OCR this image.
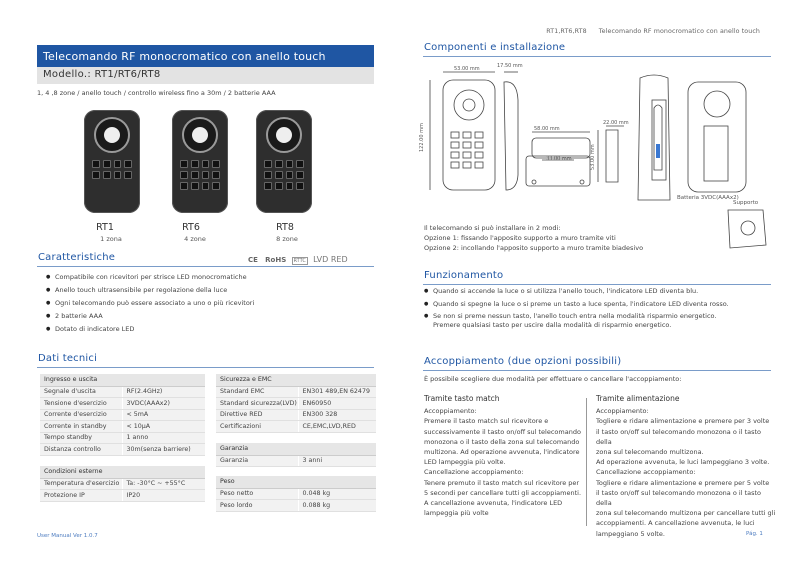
RT1,RT6,RT8 Telecomando RF monocromatico con anello touch
Telecomando RF monocromatico con anello touch
Modello.: RT1/RT6/RT8
1, 4 ,8 zone / anello touch / controllo wireless fino a 30m / 2 batterie AAA
RT1
1 zona
RT6
4 zone
RT8
8 zone
Caratteristiche	CE RoHS RTTC LVD RED
● Compatibile con ricevitori per strisce LED monocromatiche
● Anello touch ultrasensibile per regolazione della luce
● Ogni telecomando può essere associato a uno o più ricevitori
● 2 batterie AAA
● Dotato di indicatore LED
Dati tecnici
Ingresso e uscita	
Segnale d'uscita	RF(2.4GHz)
Tensione d'esercizio	3VDC(AAAx2)
Corrente d'esercizio	< 5mA
Corrente in standby	< 10μA
Tempo standby	1 anno
Distanza controllo	30m(senza barriere)
Condizioni esterne	
Temperatura d'esercizio	Ta: -30°C ~ +55°C
Protezione IP	IP20
Sicurezza e EMC	
Standard EMC	EN301 489,EN 62479
Standard sicurezza(LVD)	EN60950
Direttive RED	EN300 328
Certificazioni	CE,EMC,LVD,RED
Garanzia
Garanzia	3 anni
Peso	
Peso netto	0.048 kg
Peso lordo	0.088 kg
User Manual Ver 1.0.7
Componenti e installazione
53.00 mm	17.50 mm
122.00 mm	58.00 mm
33.00 mm
22.00 mm
53.00 mm
Batteria 3VDC(AAAx2)
Supporto
Il telecomando si può installare in 2 modi:
Opzione 1: fissando l'apposito supporto a muro tramite viti
Opzione 2: incollando l'apposito supporto a muro tramite biadesivo
Funzionamento
● Quando si accende la luce o si utilizza l'anello touch, l'indicatore LED diventa blu.
● Quando si spegne la luce o si preme un tasto a luce spenta, l'indicatore LED diventa rosso.
● Se non si preme nessun tasto, l'anello touch entra nella modalità risparmio energetico.
Premere qualsiasi tasto per uscire dalla modalità di risparmio energetico.
Accoppiamento (due opzioni possibili)
È possibile scegliere due modalità per effettuare o cancellare l'accoppiamento:
Tramite tasto match
Accoppiamento:
Premere il tasto match sul ricevitore e
successivamente il tasto on/off sul telecomando
monozona o il tasto della zona sul telecomando
multizona. Ad operazione avvenuta, l'indicatore
LED lampeggia più volte.
Cancellazione accoppiamento:
Tenere premuto il tasto match sul ricevitore per
5 secondi per cancellare tutti gli accoppiamenti.
A cancellazione avvenuta, l'indicatore LED
lampeggia più volte
Tramite alimentazione
Accoppiamento:
Togliere e ridare alimentazione e premere per 3 volte
il tasto on/off sul telecomando monozona o il tasto della
zona sul telecomando multizona.
Ad operazione avvenuta, le luci lampeggiano 3 volte.
Cancellazione accoppiamento:
Togliere e ridare alimentazione e premere per 5 volte
il tasto on/off sul telecomando monozona o il tasto della
zona sul telecomando multizona per cancellare tutti gli
accoppiamenti. A cancellazione avvenuta, le luci
lampeggiano 5 volte.	Pág. 1
